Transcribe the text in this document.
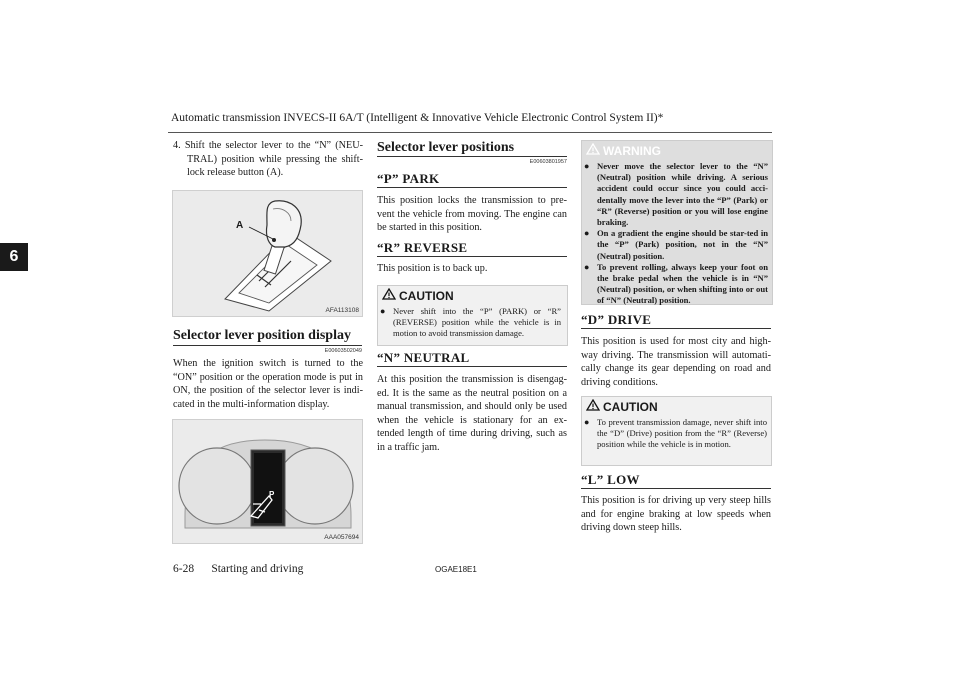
Automatic transmission INVECS-II 6A/T (Intelligent & Innovative Vehicle Electronic Control System II)*
6
4. Shift the selector lever to the “N” (NEU-TRAL) position while pressing the shift-lock release button (A).
A
AFA113108
Selector lever position display
E00603502049
When the ignition switch is turned to the “ON” position or the operation mode is put in ON, the position of the selector lever is indi-cated in the multi-information display.
P
AAA057694
Selector lever positions
E00603801957
“P” PARK
This position locks the transmission to pre-vent the vehicle from moving. The engine can be started in this position.
“R” REVERSE
This position is to back up.
CAUTION
● Never shift into the “P” (PARK) or “R” (REVERSE) position while the vehicle is in motion to avoid transmission damage.
“N” NEUTRAL
At this position the transmission is disengag-ed. It is the same as the neutral position on a manual transmission, and should only be used when the vehicle is stationary for an ex-tended length of time during driving, such as in a traffic jam.
WARNING
● Never move the selector lever to the “N” (Neutral) position while driving. A serious accident could occur since you could acci-dentally move the lever into the “P” (Park) or “R” (Reverse) position or you will lose engine braking.
● On a gradient the engine should be star-ted in the “P” (Park) position, not in the “N” (Neutral) position.
● To prevent rolling, always keep your foot on the brake pedal when the vehicle is in “N” (Neutral) position, or when shifting into or out of “N” (Neutral) position.
“D” DRIVE
This position is used for most city and high-way driving. The transmission will automati-cally change its gear depending on road and driving conditions.
CAUTION
● To prevent transmission damage, never shift into the “D” (Drive) position from the “R” (Reverse) position while the vehicle is in motion.
“L” LOW
This position is for driving up very steep hills and for engine braking at low speeds when driving down steep hills.
6-28 Starting and driving	OGAE18E1
